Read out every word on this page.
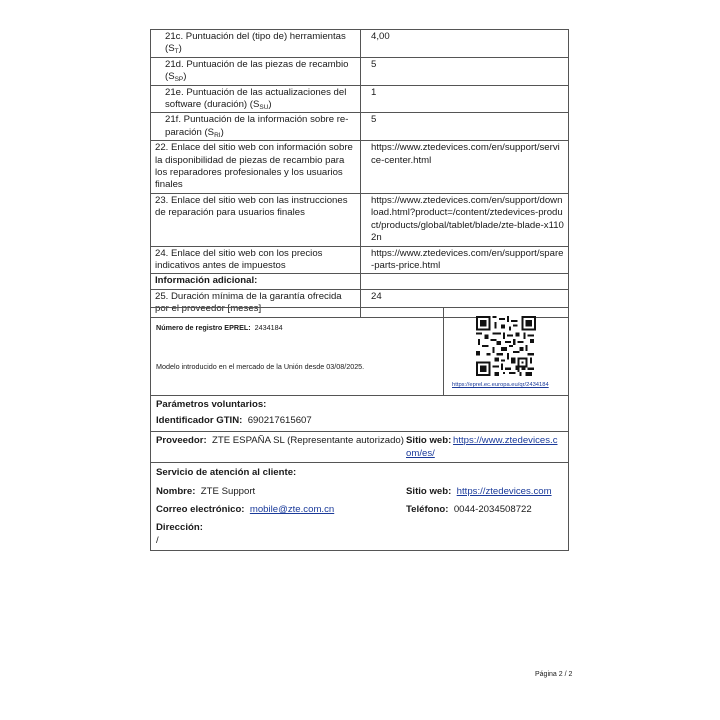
21c. Puntuación del (tipo de) herramientas $(S_T)$	4,00
21d. Puntuación de las piezas de recambio $(S_{SP})$	5
21e. Puntuación de las actualizaciones del software (duración) $(S_{SU})$	1
21f. Puntuación de la información sobre re-paración $(S_{RI})$	5
22. Enlace del sitio web con información sobre la disponibilidad de piezas de recambio para los reparadores profesionales y los usuarios finales	https://www.ztedevices.com/en/support/service-center.html
23. Enlace del sitio web con las instrucciones de reparación para usuarios finales	https://www.ztedevices.com/en/support/download.html?product=/content/ztedevices-product/products/global/tablet/blade/zte-blade-x1102n
24. Enlace del sitio web con los precios indicativos antes de impuestos	https://www.ztedevices.com/en/support/spare-parts-price.html
Información adicional:	
25. Duración mínima de la garantía ofrecida por el proveedor [meses]	24
Número de registro EPREL: 2434184
Modelo introducido en el mercado de la Unión desde 03/08/2025.
https://eprel.ec.europa.eu/qr/2434184
Parámetros voluntarios:
Identificador GTIN: 690217615607
Proveedor: ZTE ESPAÑA SL (Representante autorizado) Sitio web: https://www.ztedevices.c
om/es/
Servicio de atención al cliente:
Nombre: ZTE Support	Sitio web: https://ztedevices.com
Correo electrónico: mobile@zte.com.cn	Teléfono: 0044-2034508722
Dirección:
/
Página 2 / 2
